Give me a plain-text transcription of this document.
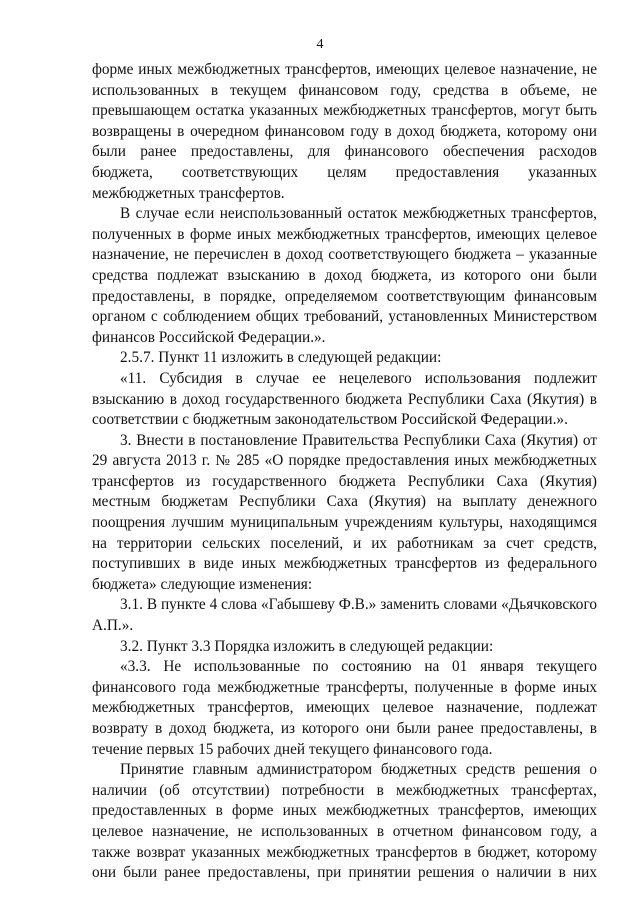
4

форме иных межбюджетных трансфертов, имеющих целевое назначение, не использованных в текущем финансовом году, средства в объеме, не превышающем остатка указанных межбюджетных трансфертов, могут быть возвращены в очередном финансовом году в доход бюджета, которому они были ранее предоставлены, для финансового обеспечения расходов бюджета, соответствующих целям предоставления указанных межбюджетных трансфертов.

В случае если неиспользованный остаток межбюджетных трансфертов, полученных в форме иных межбюджетных трансфертов, имеющих целевое назначение, не перечислен в доход соответствующего бюджета – указанные средства подлежат взысканию в доход бюджета, из которого они были предоставлены, в порядке, определяемом соответствующим финансовым органом с соблюдением общих требований, установленных Министерством финансов Российской Федерации.».

2.5.7. Пункт 11 изложить в следующей редакции:

«11. Субсидия в случае ее нецелевого использования подлежит взысканию в доход государственного бюджета Республики Саха (Якутия) в соответствии с бюджетным законодательством Российской Федерации.».

3. Внести в постановление Правительства Республики Саха (Якутия) от 29 августа 2013 г. № 285 «О порядке предоставления иных межбюджетных трансфертов из государственного бюджета Республики Саха (Якутия) местным бюджетам Республики Саха (Якутия) на выплату денежного поощрения лучшим муниципальным учреждениям культуры, находящимся на территории сельских поселений, и их работникам за счет средств, поступивших в виде иных межбюджетных трансфертов из федерального бюджета» следующие изменения:

3.1. В пункте 4 слова «Габышеву Ф.В.» заменить словами «Дьячковского А.П.».

3.2. Пункт 3.3 Порядка изложить в следующей редакции:

«3.3. Не использованные по состоянию на 01 января текущего финансового года межбюджетные трансферты, полученные в форме иных межбюджетных трансфертов, имеющих целевое назначение, подлежат возврату в доход бюджета, из которого они были ранее предоставлены, в течение первых 15 рабочих дней текущего финансового года.

Принятие главным администратором бюджетных средств решения о наличии (об отсутствии) потребности в межбюджетных трансфертах, предоставленных в форме иных межбюджетных трансфертов, имеющих целевое назначение, не использованных в отчетном финансовом году, а также возврат указанных межбюджетных трансфертов в бюджет, которому они были ранее предоставлены, при принятии решения о наличии в них
